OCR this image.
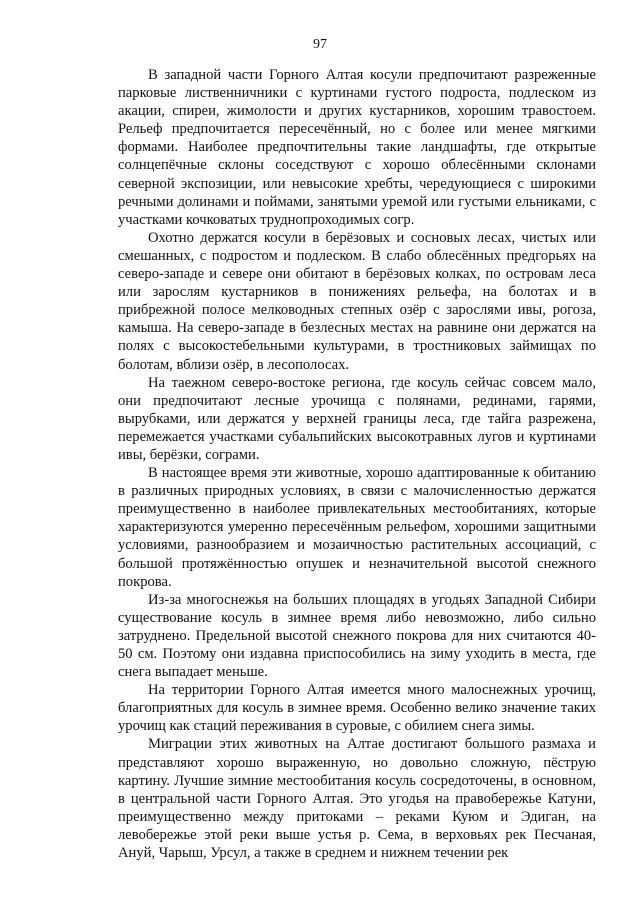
97

В западной части Горного Алтая косули предпочитают разреженные парковые лиственничники с куртинами густого подроста, подлеском из акации, спиреи, жимолости и других кустарников, хорошим травостоем. Рельеф предпочитается пересечённый, но с более или менее мягкими формами. Наиболее предпочтительны такие ландшафты, где открытые солнцепёчные склоны соседствуют с хорошо облесёнными склонами северной экспозиции, или невысокие хребты, чередующиеся с широкими речными долинами и поймами, занятыми уремой или густыми ельниками, с участками кочковатых труднопроходимых согр.

Охотно держатся косули в берёзовых и сосновых лесах, чистых или смешанных, с подростом и подлеском. В слабо облесённых предгорьях на северо-западе и севере они обитают в берёзовых колках, по островам леса или зарослям кустарников в понижениях рельефа, на болотах и в прибрежной полосе мелководных степных озёр с зарослями ивы, рогоза, камыша. На северо-западе в безлесных местах на равнине они держатся на полях с высокостебельными культурами, в тростниковых займищах по болотам, вблизи озёр, в лесополосах.

На таежном северо-востоке региона, где косуль сейчас совсем мало, они предпочитают лесные урочища с полянами, рединами, гарями, вырубками, или держатся у верхней границы леса, где тайга разрежена, перемежается участками субальпийских высокотравных лугов и куртинами ивы, берёзки, сограми.

В настоящее время эти животные, хорошо адаптированные к обитанию в различных природных условиях, в связи с малочисленностью держатся преимущественно в наиболее привлекательных местообитаниях, которые характеризуются умеренно пересечённым рельефом, хорошими защитными условиями, разнообразием и мозаичностью растительных ассоциаций, с большой протяжённостью опушек и незначительной высотой снежного покрова.

Из-за многоснежья на больших площадях в угодьях Западной Сибири существование косуль в зимнее время либо невозможно, либо сильно затруднено. Предельной высотой снежного покрова для них считаются 40-50 см. Поэтому они издавна приспособились на зиму уходить в места, где снега выпадает меньше.

На территории Горного Алтая имеется много малоснежных урочищ, благоприятных для косуль в зимнее время. Особенно велико значение таких урочищ как стаций переживания в суровые, с обилием снега зимы.

Миграции этих животных на Алтае достигают большого размаха и представляют хорошо выраженную, но довольно сложную, пёструю картину. Лучшие зимние местообитания косуль сосредоточены, в основном, в центральной части Горного Алтая. Это угодья на правобережье Катуни, преимущественно между притоками – реками Куюм и Эдиган, на левобережье этой реки выше устья р. Сема, в верховьях рек Песчаная, Ануй, Чарыш, Урсул, а также в среднем и нижнем течении рек
